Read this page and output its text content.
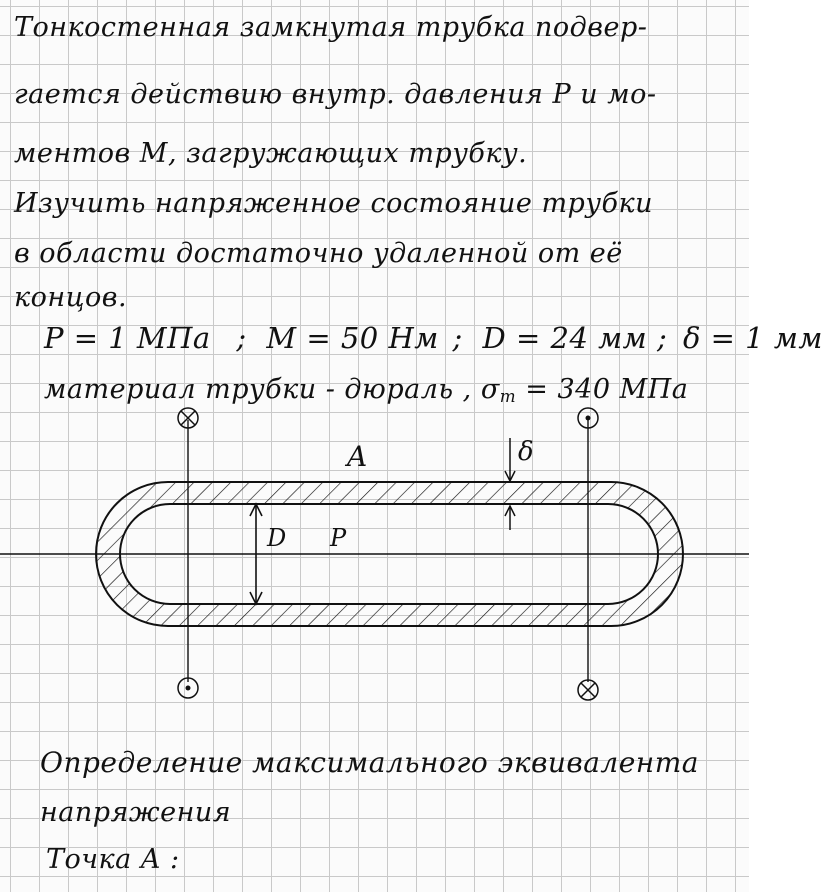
Тонкостенная замкнутая трубка подвер-
гается действию внутр. давления P и мо-
ментов M, загружающих трубку.
Изучить напряженное состояние трубки
в области достаточно удаленной от её
концов.
P = 1 МПа ; M = 50 Нм ; D = 24 мм ; δ = 1 мм
материал трубки - дюраль , $\sigma_т = 340$ МПа
A	δ
D P
Определение максимального эквивалента
напряжения
Точка A :
